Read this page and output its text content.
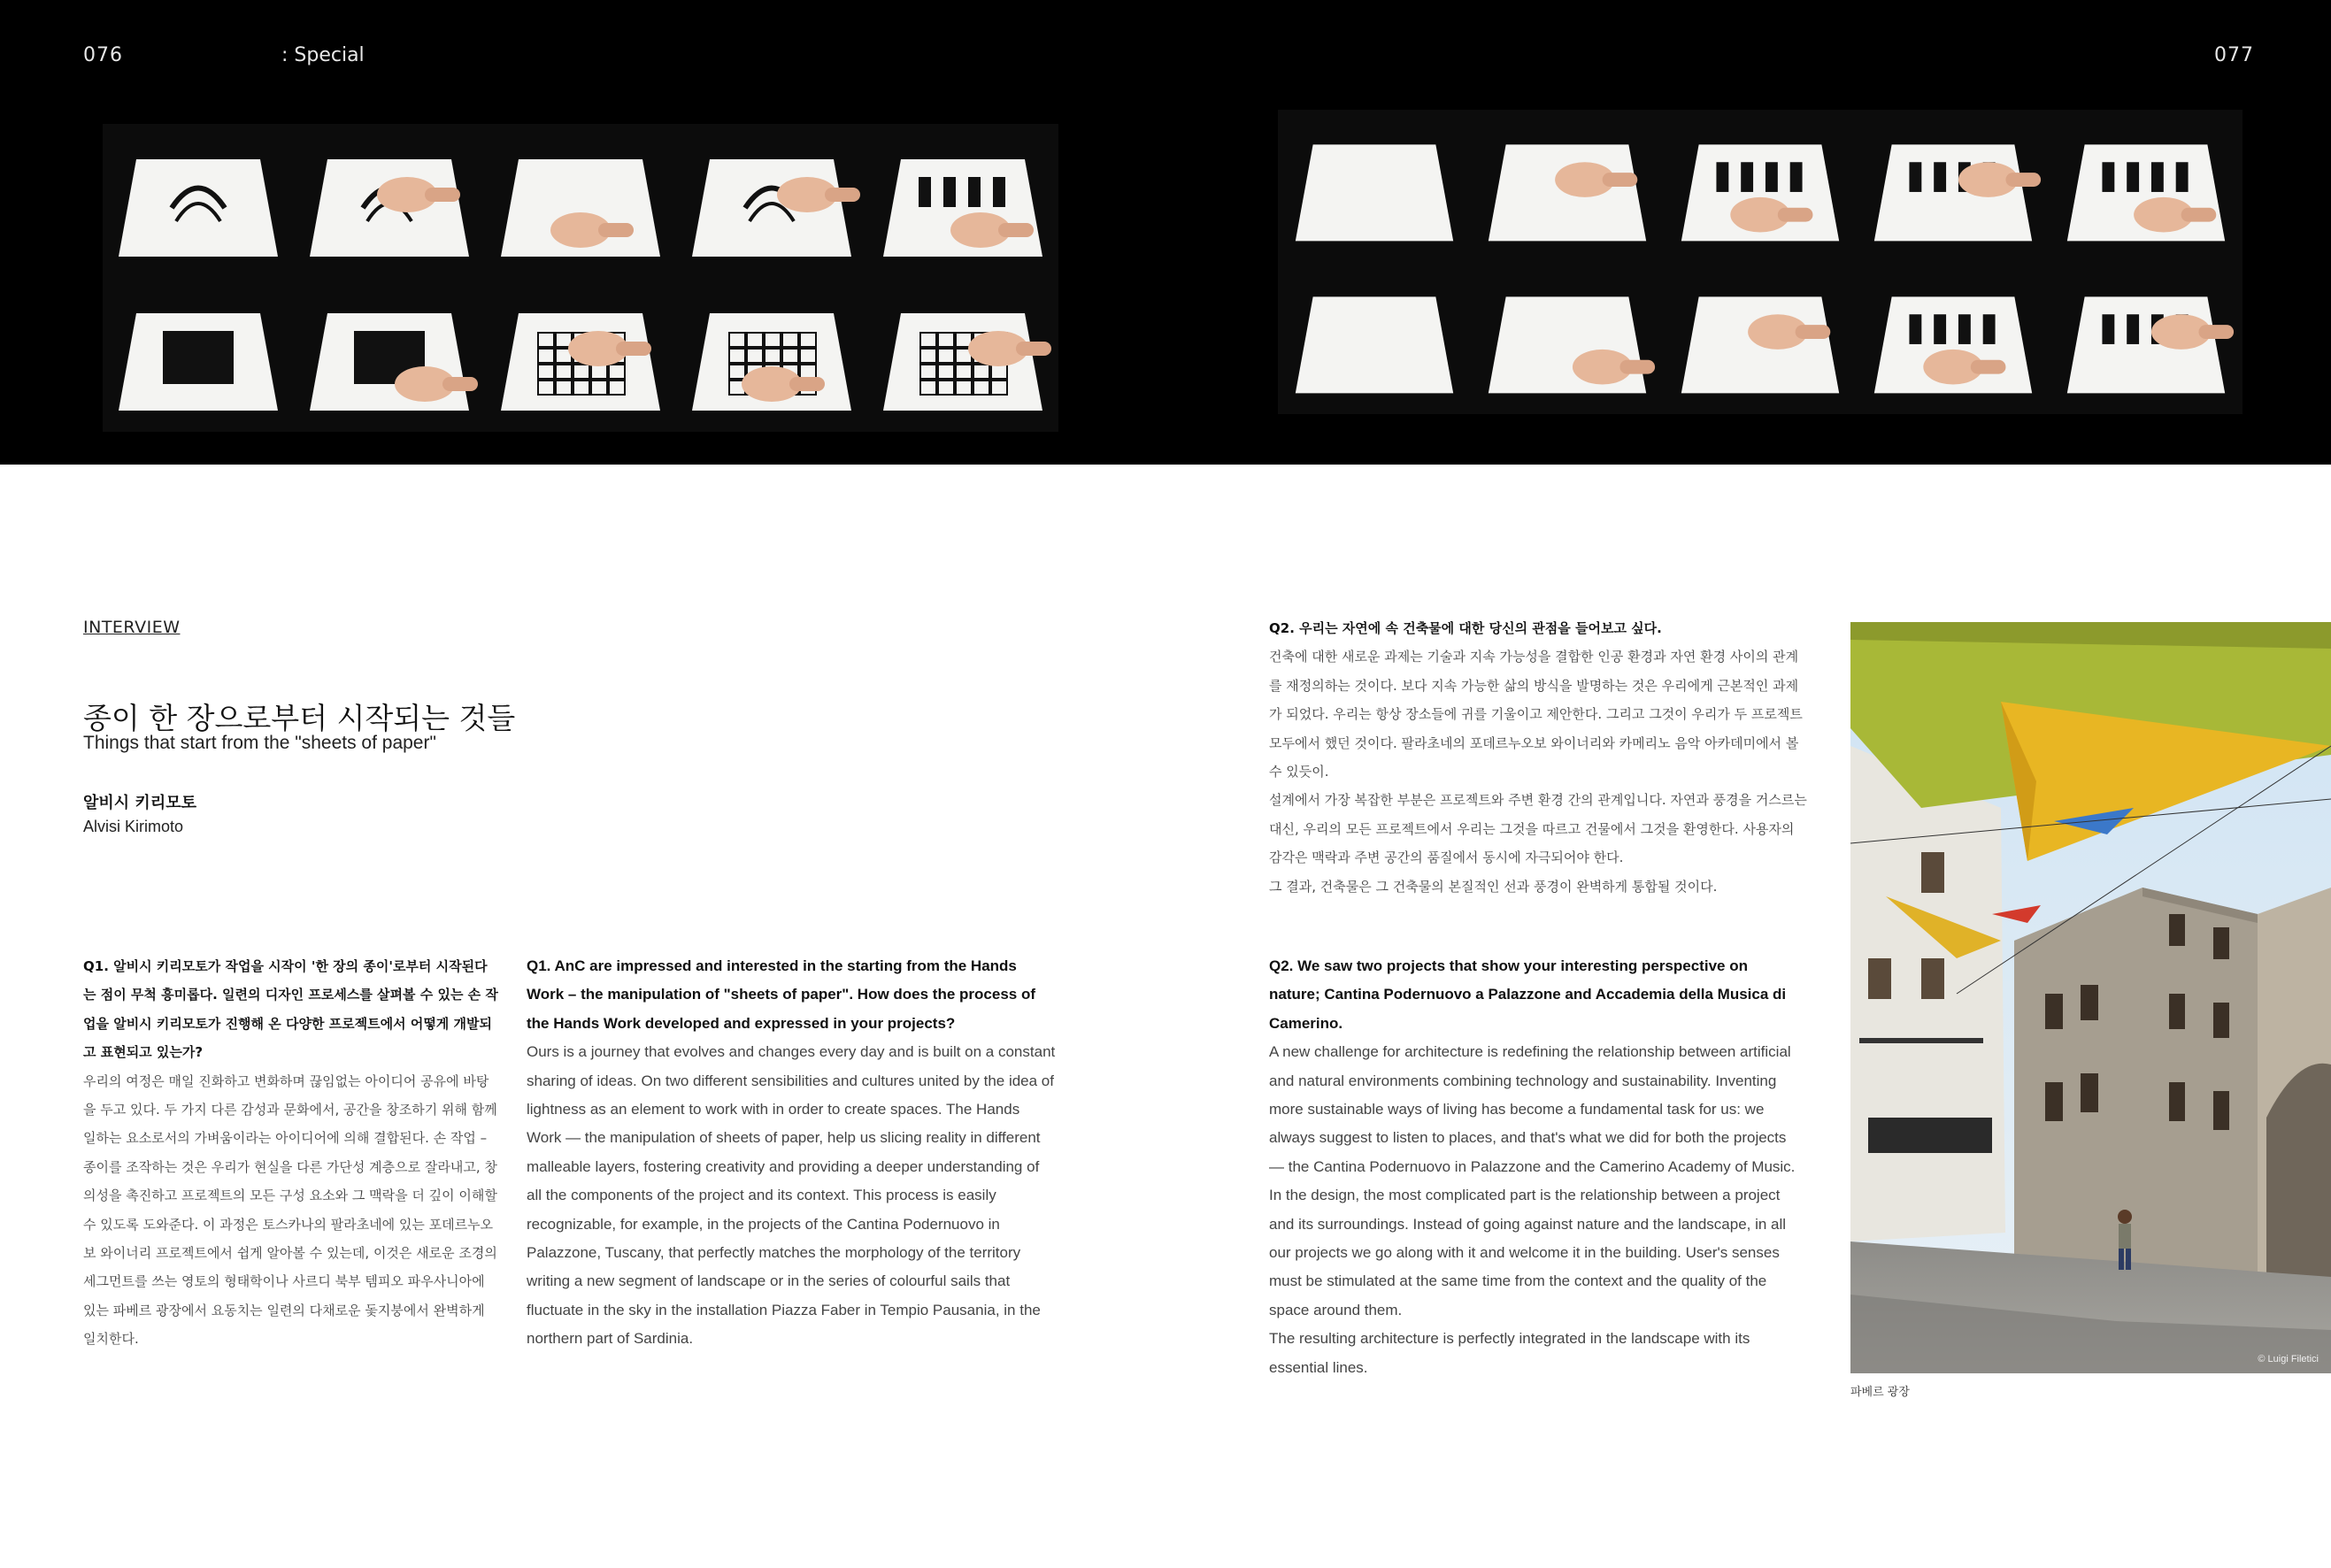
076	: Special	077
INTERVIEW
종이 한 장으로부터 시작되는 것들
Things that start from the "sheets of paper"
알비시 키리모토
Alvisi Kirimoto

Q1. 알비시 키리모토가 작업을 시작이 '한 장의 종이'로부터 시작된다는 점이 무척 흥미롭다. 일련의 디자인 프로세스를 살펴볼 수 있는 손 작업을 알비시 키리모토가 진행해 온 다양한 프로젝트에서 어떻게 개발되고 표현되고 있는가?

우리의 여정은 매일 진화하고 변화하며 끊임없는 아이디어 공유에 바탕을 두고 있다. 두 가지 다른 감성과 문화에서, 공간을 창조하기 위해 함께 일하는 요소로서의 가벼움이라는 아이디어에 의해 결합된다. 손 작업 – 종이를 조작하는 것은 우리가 현실을 다른 가단성 계층으로 잘라내고, 창의성을 촉진하고 프로젝트의 모든 구성 요소와 그 맥락을 더 깊이 이해할 수 있도록 도와준다. 이 과정은 토스카나의 팔라초네에 있는 포데르누오보 와이너리 프로젝트에서 쉽게 알아볼 수 있는데, 이것은 새로운 조경의 세그먼트를 쓰는 영토의 형태학이나 사르디 북부 템피오 파우사니아에 있는 파베르 광장에서 요동치는 일련의 다채로운 돛지붕에서 완벽하게 일치한다.

Q1. AnC are impressed and interested in the starting from the Hands Work – the manipulation of "sheets of paper". How does the process of the Hands Work developed and expressed in your projects?

Ours is a journey that evolves and changes every day and is built on a constant sharing of ideas. On two different sensibilities and cultures united by the idea of lightness as an element to work with in order to create spaces. The Hands Work — the manipulation of sheets of paper, help us slicing reality in different malleable layers, fostering creativity and providing a deeper understanding of all the components of the project and its context. This process is easily recognizable, for example, in the projects of the Cantina Podernuovo in Palazzone, Tuscany, that perfectly matches the morphology of the territory writing a new segment of landscape or in the series of colourful sails that fluctuate in the sky in the installation Piazza Faber in Tempio Pausania, in the northern part of Sardinia.

Q2. 우리는 자연에 속 건축물에 대한 당신의 관점을 들어보고 싶다.

건축에 대한 새로운 과제는 기술과 지속 가능성을 결합한 인공 환경과 자연 환경 사이의 관계를 재정의하는 것이다. 보다 지속 가능한 삶의 방식을 발명하는 것은 우리에게 근본적인 과제가 되었다. 우리는 항상 장소들에 귀를 기울이고 제안한다. 그리고 그것이 우리가 두 프로젝트 모두에서 했던 것이다. 팔라초네의 포데르누오보 와이너리와 카메리노 음악 아카데미에서 볼 수 있듯이.

설계에서 가장 복잡한 부분은 프로젝트와 주변 환경 간의 관계입니다. 자연과 풍경을 거스르는 대신, 우리의 모든 프로젝트에서 우리는 그것을 따르고 건물에서 그것을 환영한다. 사용자의 감각은 맥락과 주변 공간의 품질에서 동시에 자극되어야 한다.

그 결과, 건축물은 그 건축물의 본질적인 선과 풍경이 완벽하게 통합될 것이다.

Q2. We saw two projects that show your interesting perspective on nature; Cantina Podernuovo a Palazzone and Accademia della Musica di Camerino.

A new challenge for architecture is redefining the relationship between artificial and natural environments combining technology and sustainability. Inventing more sustainable ways of living has become a fundamental task for us: we always suggest to listen to places, and that's what we did for both the projects — the Cantina Podernuovo in Palazzone and the Camerino Academy of Music.

In the design, the most complicated part is the relationship between a project and its surroundings. Instead of going against nature and the landscape, in all our projects we go along with it and welcome it in the building. User's senses must be stimulated at the same time from the context and the quality of the space around them.

The resulting architecture is perfectly integrated in the landscape with its essential lines.	© Luigi Filetici
파베르 광장
